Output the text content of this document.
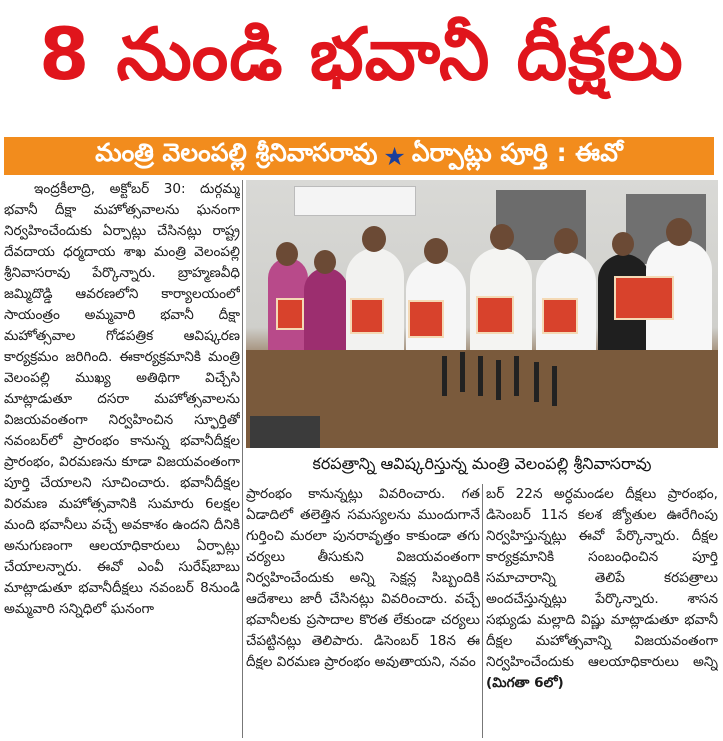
8 నుండి భవానీ దీక్షలు
మంత్రి వెలంపల్లి శ్రీనివాసరావు ★ ఏర్పాట్లు పూర్తి : ఈవో

ఇంద్రకీలాద్రి, అక్టోబర్ 30: దుర్గమ్మ భవానీ దీక్షా మహోత్సవాలను ఘనంగా నిర్వహించేందుకు ఏర్పాట్లు చేసినట్లు రాష్ట్ర దేవదాయ ధర్మదాయ శాఖ మంత్రి వెలంపల్లి శ్రీనివాసరావు పేర్కొన్నారు. బ్రాహ్మణవీధి జమ్మిదొడ్డి ఆవరణలోని కార్యాలయంలో సాయంత్రం అమ్మవారి భవానీ దీక్షా మహోత్సవాల గోడపత్రిక ఆవిష్కరణ కార్యక్రమం జరిగింది. ఈకార్యక్రమానికి మంత్రి వెలంపల్లి ముఖ్య అతిథిగా విచ్చేసి మాట్లాడుతూ దసరా మహోత్సవాలను విజయవంతంగా నిర్వహించిన స్ఫూర్తితో నవంబర్‌లో ప్రారంభం కానున్న భవానీదీక్షల ప్రారంభం, విరమణను కూడా విజయవంతంగా పూర్తి చేయాలని సూచించారు. భవానీదీక్షల విరమణ మహోత్సవానికి సుమారు 6లక్షల మంది భవానీలు వచ్చే అవకాశం ఉందని దీనికి అనుగుణంగా ఆలయాధికారులు ఏర్పాట్లు చేయాలన్నారు. ఈవో ఎంవీ సురేష్‌బాబు మాట్లాడుతూ భవానీదీక్షలు నవంబర్ 8నుండి అమ్మవారి సన్నిధిలో ఘనంగా

కరపత్రాన్ని ఆవిష్కరిస్తున్న మంత్రి వెలంపల్లి శ్రీనివాసరావు

ప్రారంభం కానున్నట్లు వివరించారు. గత ఏడాదిలో తలెత్తిన సమస్యలను ముందుగానే గుర్తించి మరలా పునరావృత్తం కాకుండా తగు చర్యలు తీసుకుని విజయవంతంగా నిర్వహించేందుకు అన్ని సెక్షన్ల సిబ్బందికి ఆదేశాలు జారీ చేసినట్లు వివరించారు. వచ్చే భవానీలకు ప్రసాదాల కొరత లేకుండా చర్యలు చేపట్టినట్లు తెలిపారు. డిసెంబర్ 18న ఈ దీక్షల విరమణ ప్రారంభం అవుతాయని, నవం

బర్ 22న అర్ధమండల దీక్షలు ప్రారంభం, డిసెంబర్ 11న కలశ జ్యోతుల ఊరేగింపు నిర్వహిస్తున్నట్లు ఈవో పేర్కొన్నారు. దీక్షల కార్యక్రమానికి సంబంధించిన పూర్తి సమాచారాన్ని తెలిపే కరపత్రాలు అందచేస్తున్నట్లు పేర్కొన్నారు. శాసన సభ్యుడు మల్లాది విష్ణు మాట్లాడుతూ భవానీ దీక్షల మహోత్సవాన్ని విజయవంతంగా నిర్వహించేందుకు ఆలయాధికారులు అన్ని (మిగతా 6లో)
